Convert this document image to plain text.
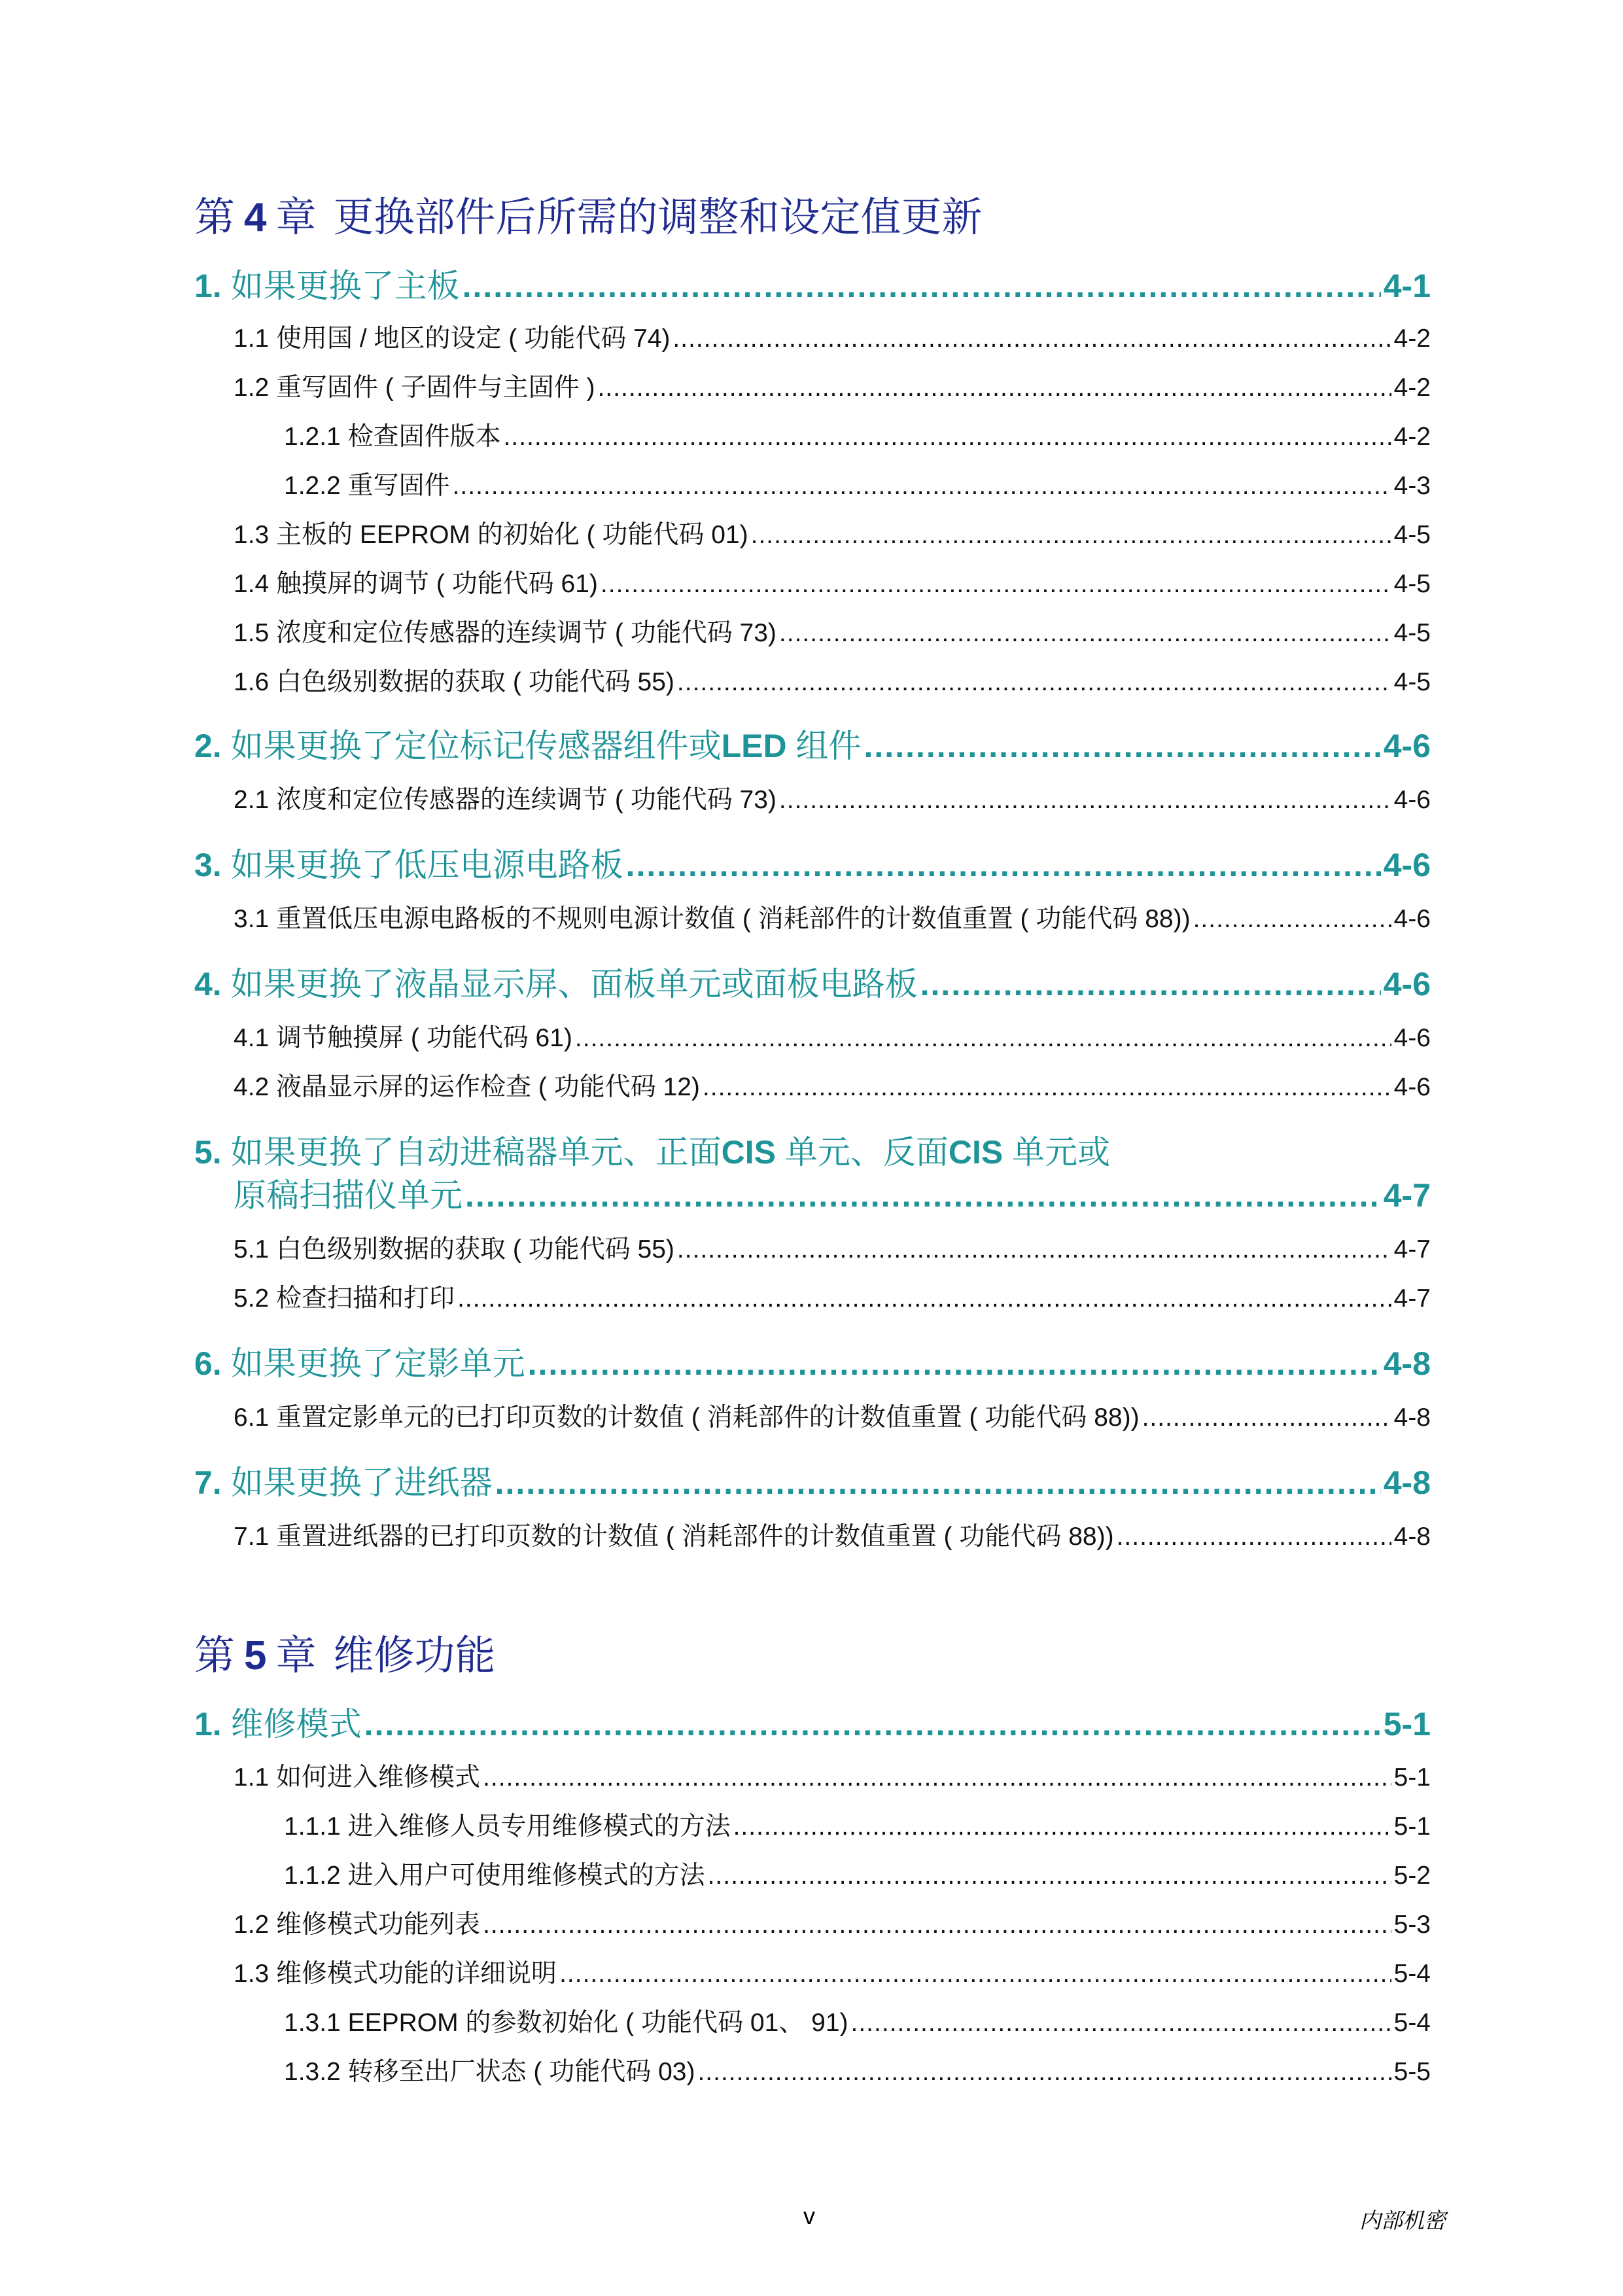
第 4 章 更换部件后所需的调整和设定值更新
1. 如果更换了主板 .....	4-1
1.1 使用国 / 地区的设定 ( 功能代码 74) .....	4-2
1.2 重写固件 ( 子固件与主固件 ) .....	4-2
1.2.1 检查固件版本 .....	4-2
1.2.2 重写固件 .....	4-3
1.3 主板的 EEPROM 的初始化 ( 功能代码 01) .....	4-5
1.4 触摸屏的调节 ( 功能代码 61) .....	4-5
1.5 浓度和定位传感器的连续调节 ( 功能代码 73) .....	4-5
1.6 白色级别数据的获取 ( 功能代码 55) .....	4-5
2. 如果更换了定位标记传感器组件或LED 组件 .....	4-6
2.1 浓度和定位传感器的连续调节 ( 功能代码 73) .....	4-6
3. 如果更换了低压电源电路板 .....	4-6
3.1 重置低压电源电路板的不规则电源计数值 ( 消耗部件的计数值重置 ( 功能代码 88)) .....	4-6
4. 如果更换了液晶显示屏、面板单元或面板电路板 .....	4-6
4.1 调节触摸屏 ( 功能代码 61) .....	4-6
4.2 液晶显示屏的运作检查 ( 功能代码 12) .....	4-6
5. 如果更换了自动进稿器单元、正面CIS 单元、反面CIS 单元或
原稿扫描仪单元 .....	4-7
5.1 白色级别数据的获取 ( 功能代码 55) .....	4-7
5.2 检查扫描和打印 .....	4-7
6. 如果更换了定影单元 .....	4-8
6.1 重置定影单元的已打印页数的计数值 ( 消耗部件的计数值重置 ( 功能代码 88)) .....	4-8
7. 如果更换了进纸器 .....	4-8
7.1 重置进纸器的已打印页数的计数值 ( 消耗部件的计数值重置 ( 功能代码 88)) .....	4-8
第 5 章 维修功能
1. 维修模式 .....	5-1
1.1 如何进入维修模式 .....	5-1
1.1.1 进入维修人员专用维修模式的方法 .....	5-1
1.1.2 进入用户可使用维修模式的方法 .....	5-2
1.2 维修模式功能列表 .....	5-3
1.3 维修模式功能的详细说明 .....	5-4
1.3.1 EEPROM 的参数初始化 ( 功能代码 01、 91) .....	5-4
1.3.2 转移至出厂状态 ( 功能代码 03) .....	5-5
v	内部机密
